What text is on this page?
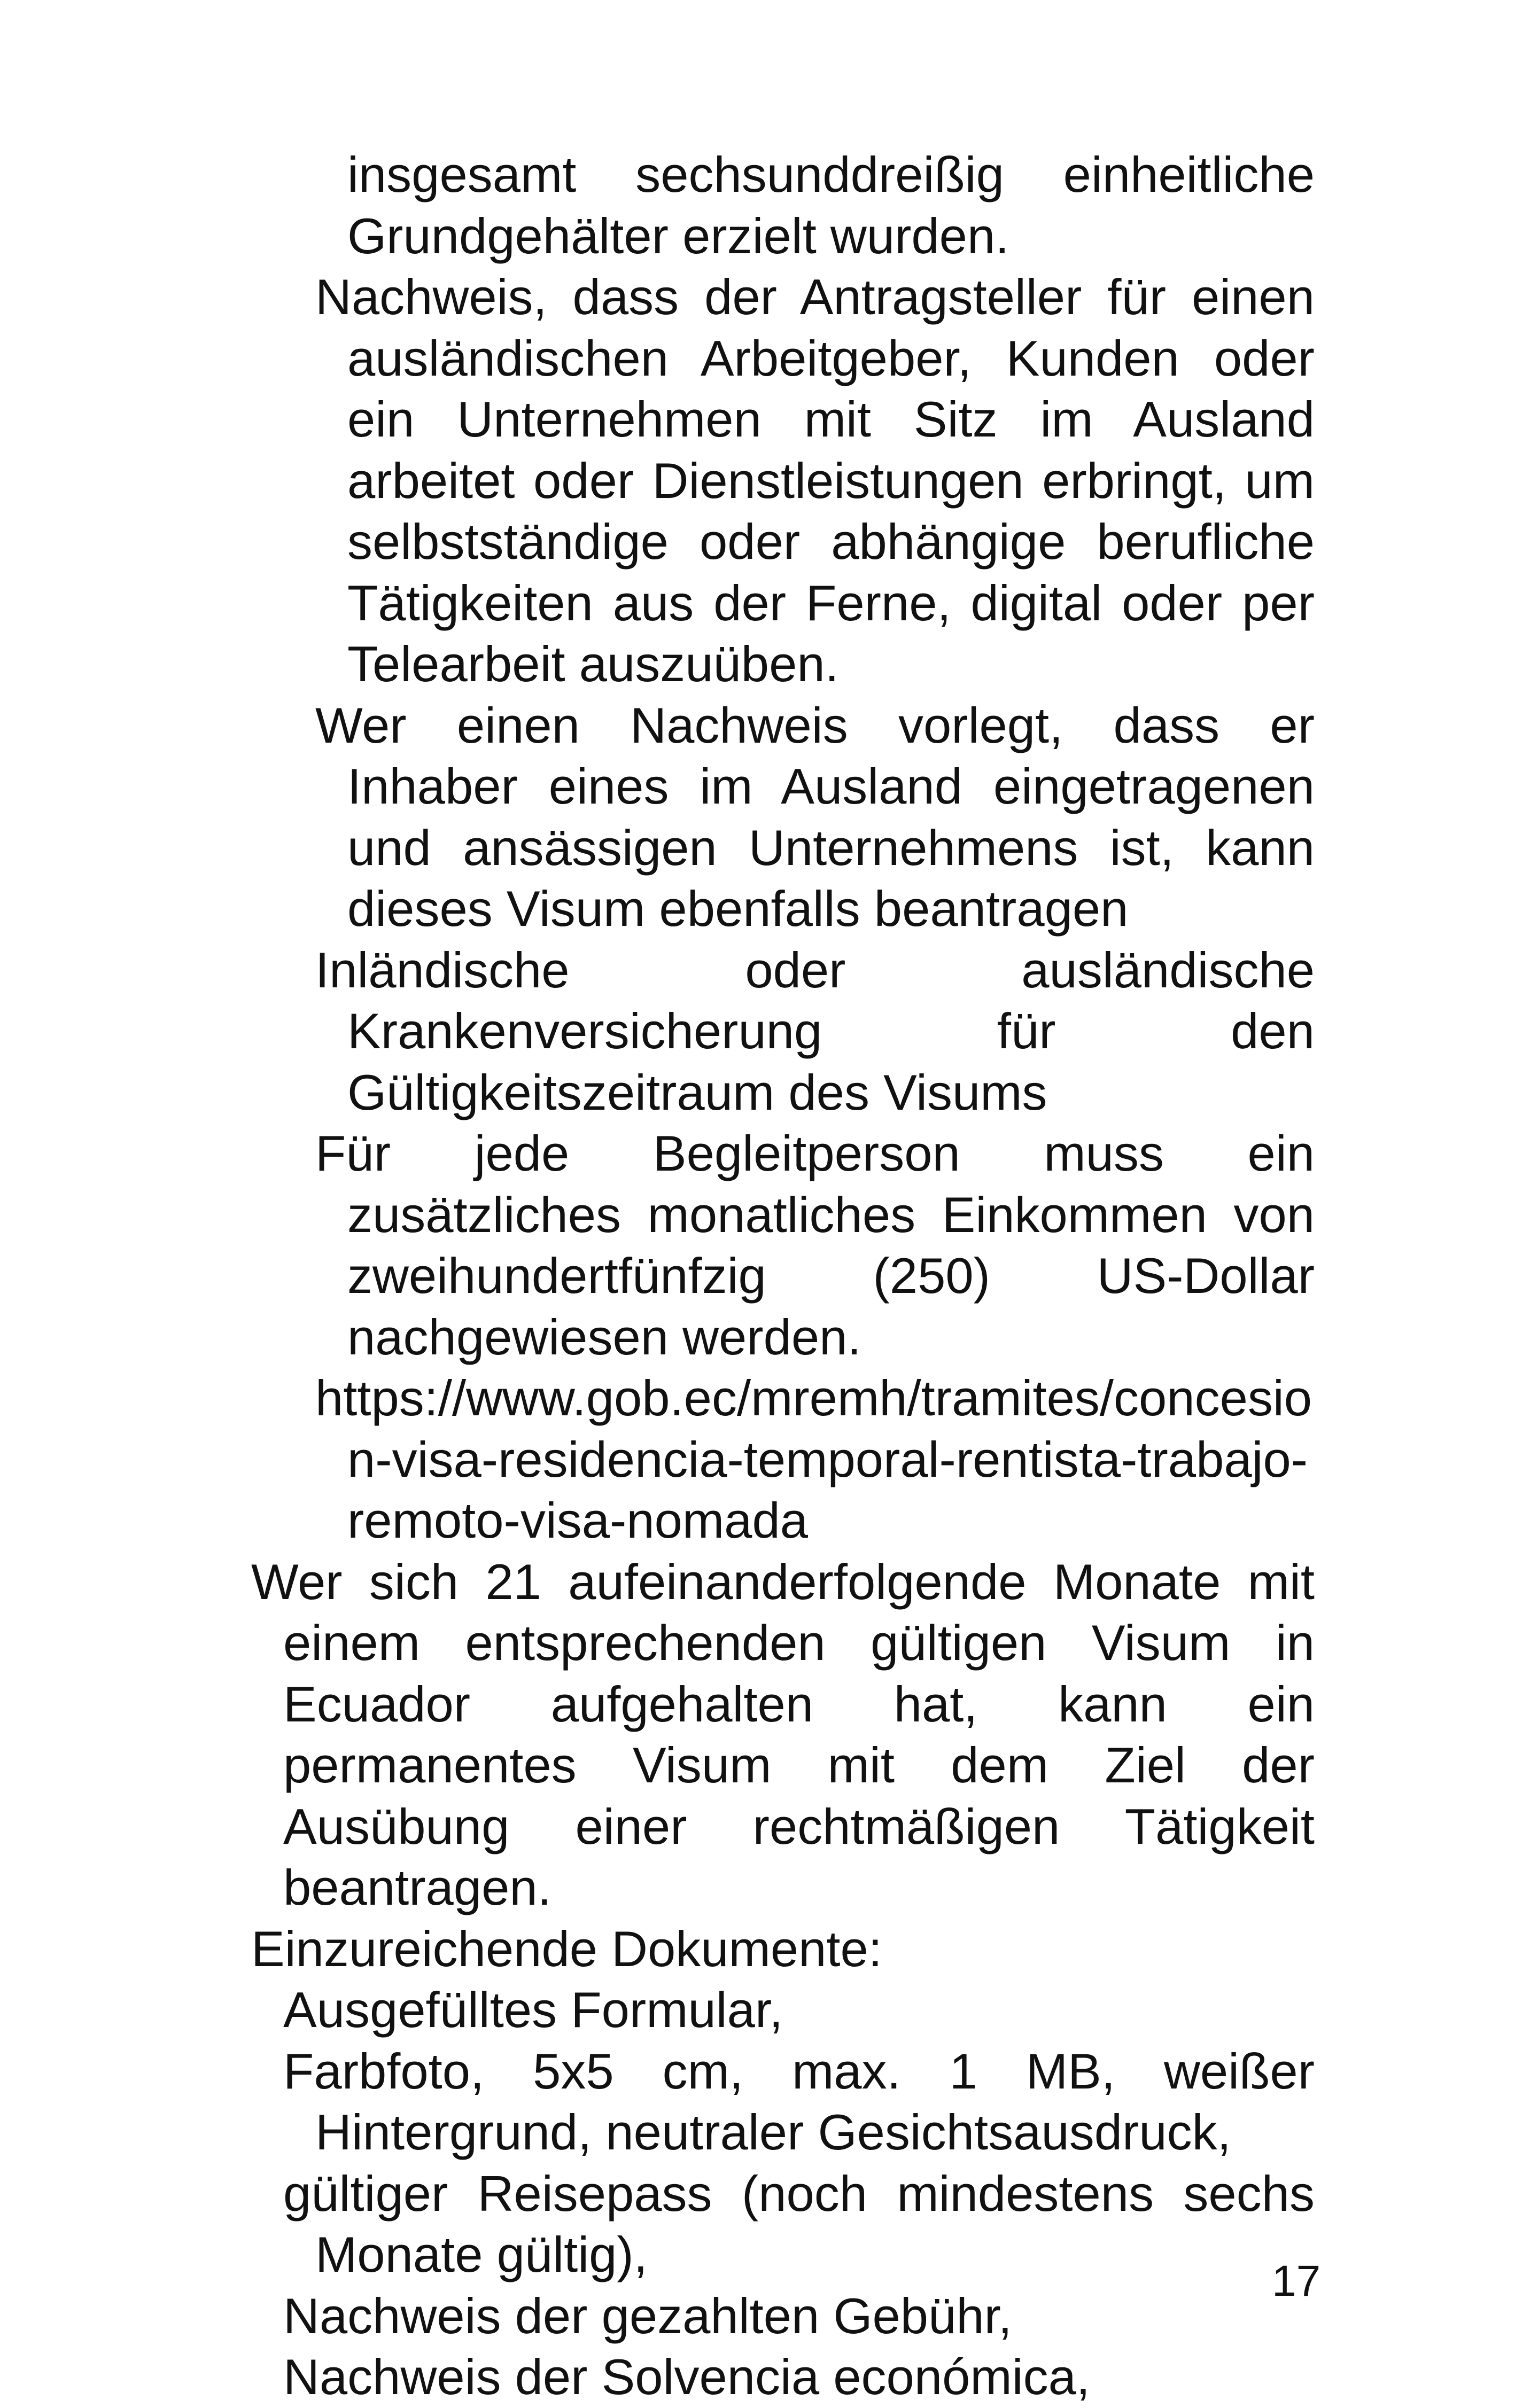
insgesamt sechsunddreißig einheitliche Grundgehälter erzielt wurden.

Nachweis, dass der Antragsteller für einen ausländischen Arbeitgeber, Kunden oder ein Unternehmen mit Sitz im Ausland arbeitet oder Dienstleistungen erbringt, um selbstständige oder abhängige berufliche Tätigkeiten aus der Ferne, digital oder per Telearbeit auszuüben.

Wer einen Nachweis vorlegt, dass er Inhaber eines im Ausland eingetragenen und ansässigen Unternehmens ist, kann dieses Visum ebenfalls beantragen

Inländische oder ausländische Krankenversicherung für den Gültigkeitszeitraum des Visums

Für jede Begleitperson muss ein zusätzliches monatliches Einkommen von zweihundertfünfzig (250) US-Dollar nachgewiesen werden.

https://www.gob.ec/mremh/tramites/concesion-visa-residencia-temporal-rentista-trabajo-remoto-visa-nomada

Wer sich 21 aufeinanderfolgende Monate mit einem entsprechenden gültigen Visum in Ecuador aufgehalten hat, kann ein permanentes Visum mit dem Ziel der Ausübung einer rechtmäßigen Tätigkeit beantragen.

Einzureichende Dokumente:

Ausgefülltes Formular,

Farbfoto, 5x5 cm, max. 1 MB, weißer Hintergrund, neutraler Gesichtsausdruck,

gültiger Reisepass (noch mindestens sechs Monate gültig),

Nachweis der gezahlten Gebühr,

Nachweis der Solvencia económica,

17
